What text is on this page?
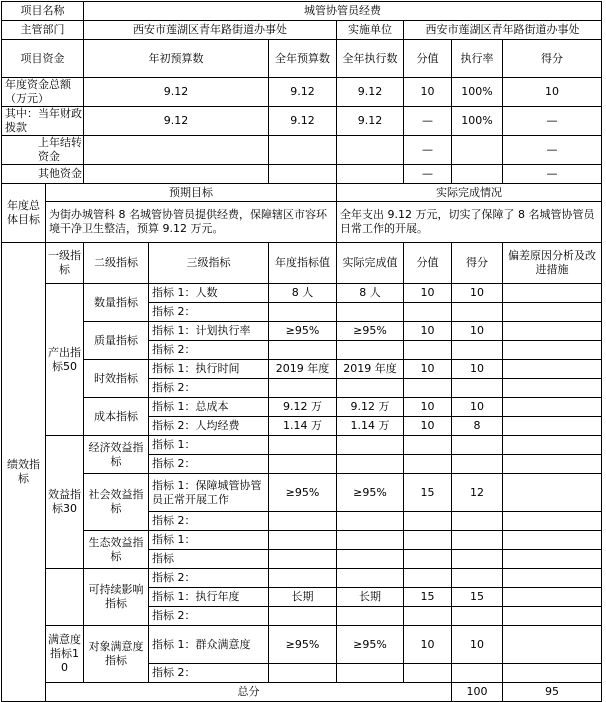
项目名称		城管协管员经费							
主管部门		西安市莲湖区青年路街道办事处			实施单位	西安市莲湖区青年路街道办事处			
项目资金		年初预算数		全年预算数	全年执行数	分值	执行率	得分	
年度资金总额（万元）		9.12		9.12	9.12	10	100%	10	
其中：当年财政拨款		9.12		9.12	9.12	—	100%	—	
上年结转资金						—		—	
其他资金						—		—	
年度总体目标	预期目标				实际完成情况				
	为街办城管科 8 名城管协管员提供经费，保障辖区市容环境干净卫生整洁，预算 9.12 万元。				全年支出 9.12 万元，切实了保障了 8 名城管协管员日常工作的开展。				
绩效指标	一级指标	二级指标	三级指标	年度指标值	实际完成值	分值	得分	偏差原因分析及改进措施	
	产出指标50	数量指标	指标 1：人数	8 人	8 人	10	10		
			指标 2：						
		质量指标	指标 1：计划执行率	≥95%	≥95%	10	10		
			指标 2：						
		时效指标	指标 1：执行时间	2019 年度	2019 年度	10	10		
			指标 2：						
		成本指标	指标 1：总成本	9.12 万	9.12 万	10	10		
			指标 2：人均经费	1.14 万	1.14 万	10	8		
	效益指标30	经济效益指标	指标 1：						
			指标 2：						
		社会效益指标	指标 1：保障城管协管员正常开展工作	≥95%	≥95%	15	12		
			指标 2：						
		生态效益指标	指标 1：						
			指标						
		可持续影响指标	指标 2：						
			指标 1：执行年度	长期	长期	15	15		
			指标 2：						
	满意度指标10	对象满意度指标	指标 1：群众满意度	≥95%	≥95%	10	10		
			指标 2：						
	总分						100	95	
